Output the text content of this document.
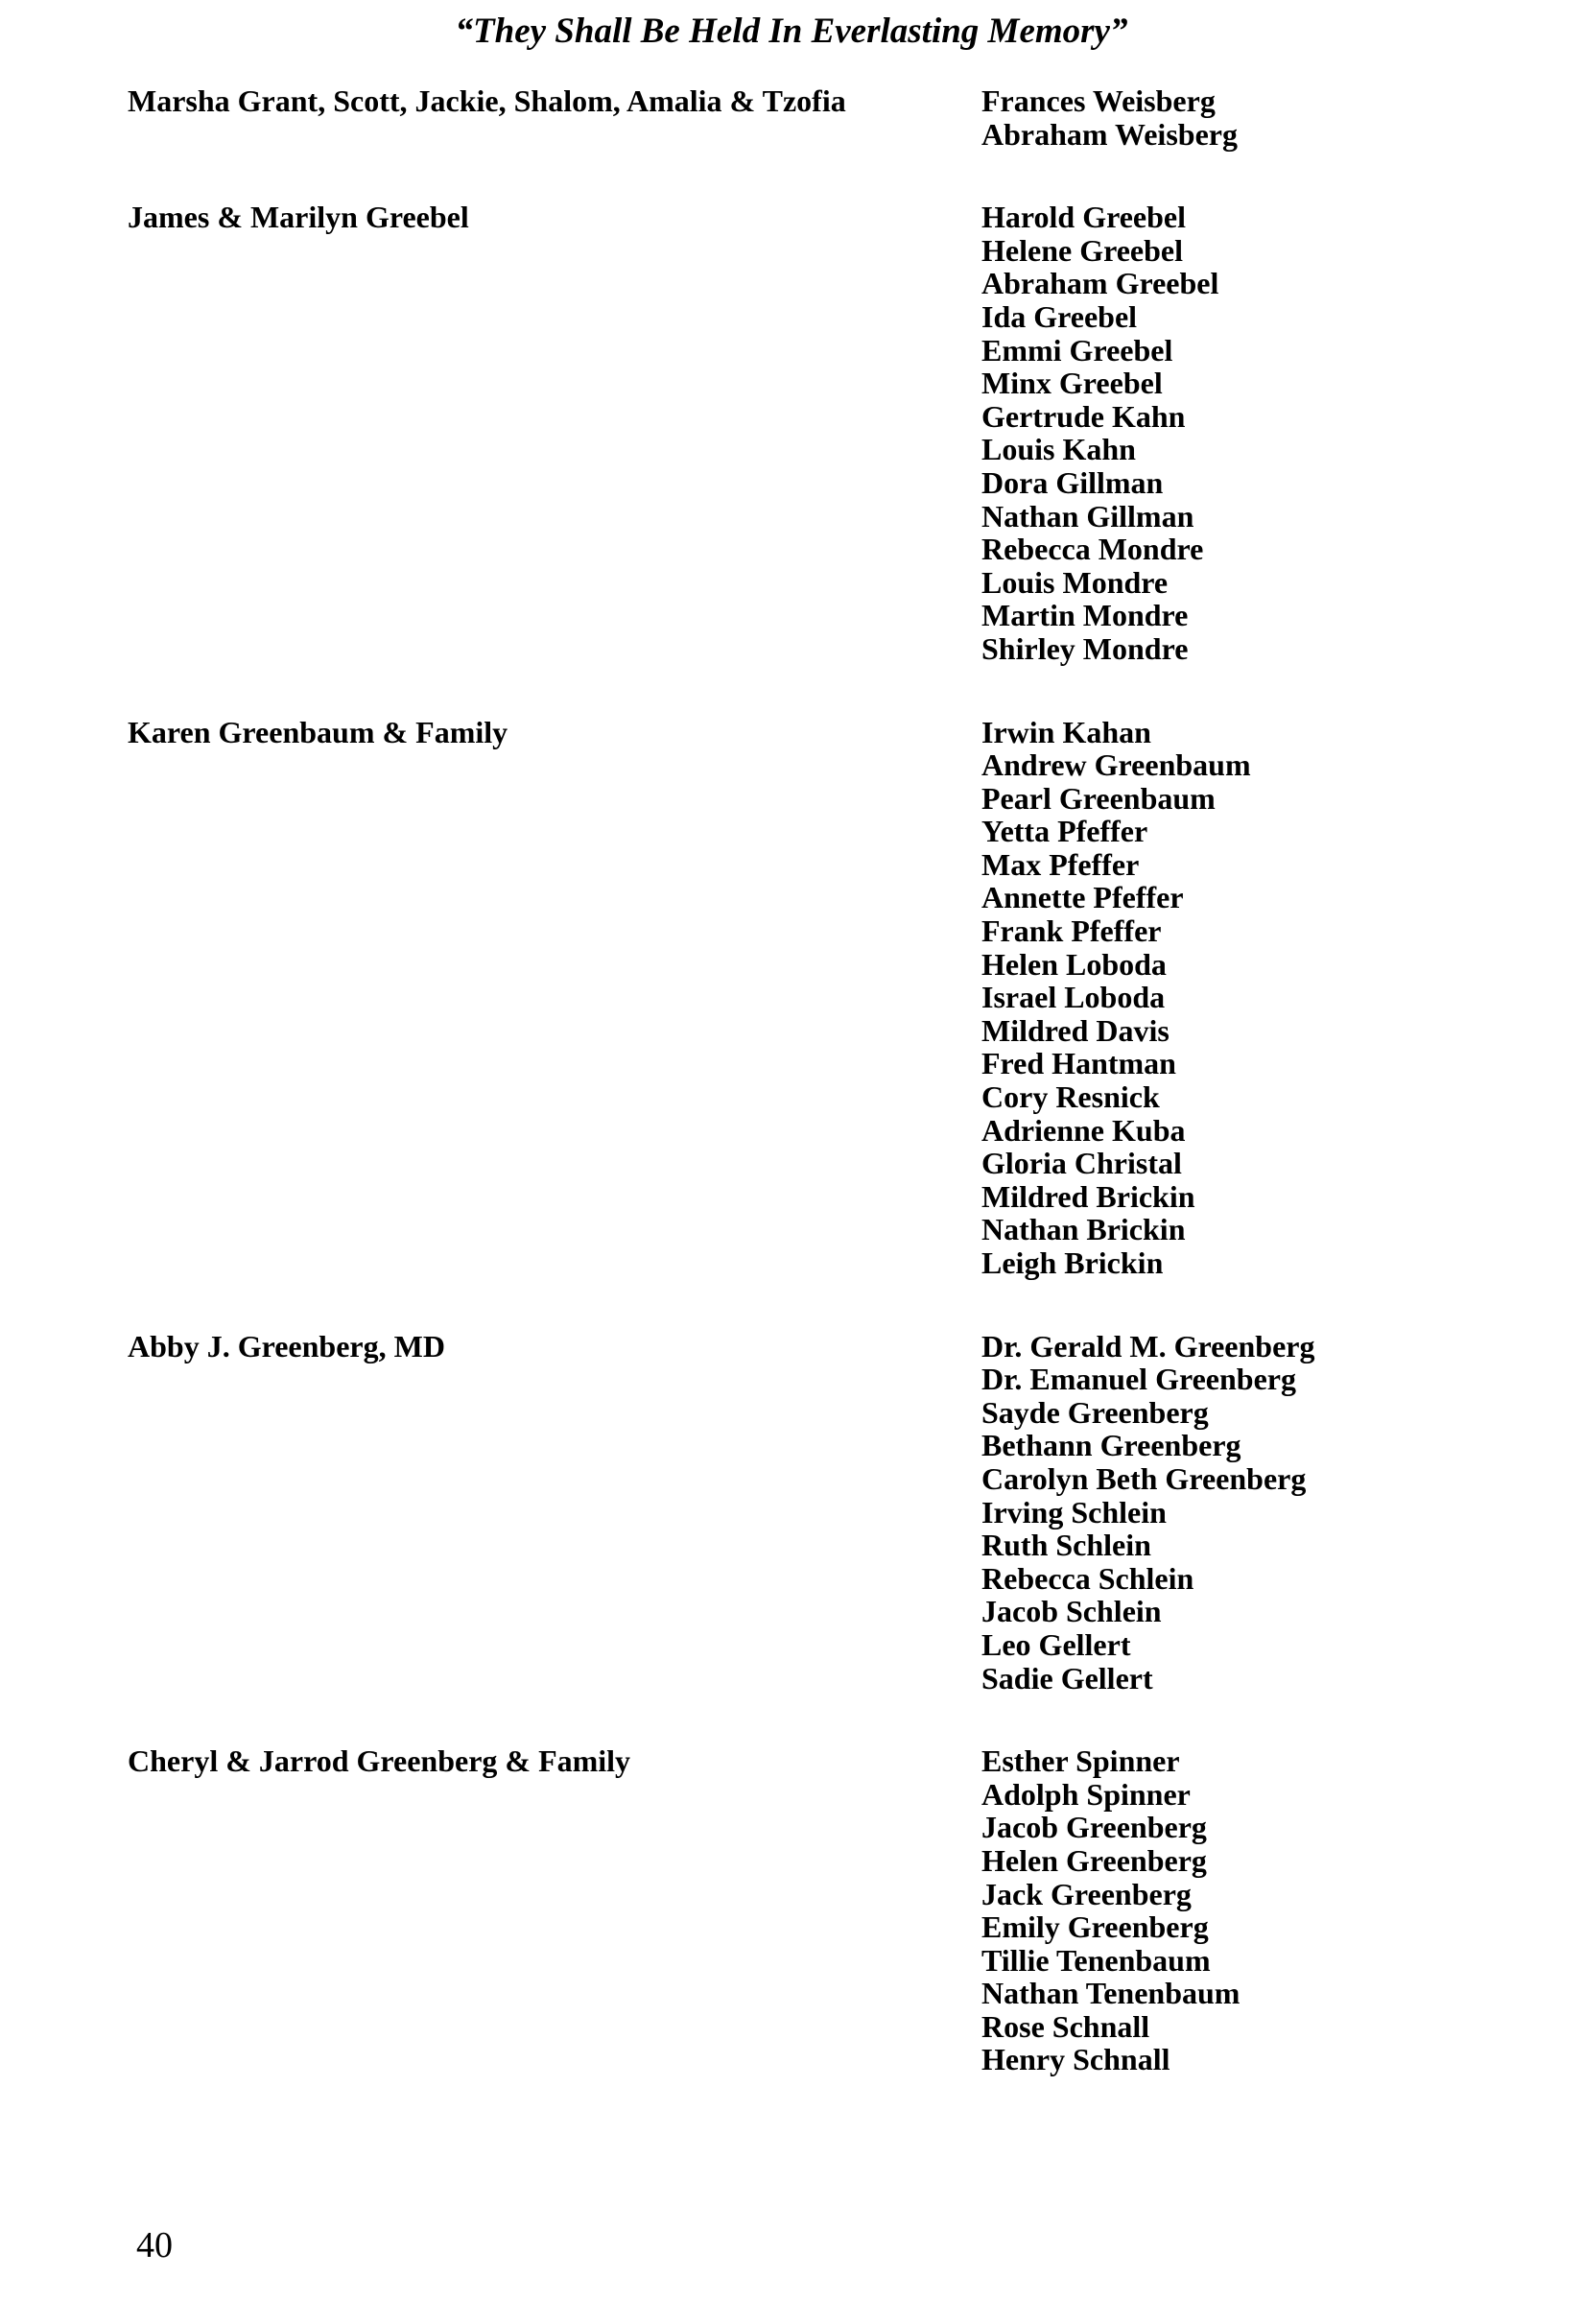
“They Shall Be Held In Everlasting Memory”
Marsha Grant, Scott, Jackie, Shalom, Amalia & Tzofia	Frances Weisberg
Abraham Weisberg
James & Marilyn Greebel	Harold Greebel
Helene Greebel
Abraham Greebel
Ida Greebel
Emmi Greebel
Minx Greebel
Gertrude Kahn
Louis Kahn
Dora Gillman
Nathan Gillman
Rebecca Mondre
Louis Mondre
Martin Mondre
Shirley Mondre
Karen Greenbaum & Family	Irwin Kahan
Andrew Greenbaum
Pearl Greenbaum
Yetta Pfeffer
Max Pfeffer
Annette Pfeffer
Frank Pfeffer
Helen Loboda
Israel Loboda
Mildred Davis
Fred Hantman
Cory Resnick
Adrienne Kuba
Gloria Christal
Mildred Brickin
Nathan Brickin
Leigh Brickin
Abby J. Greenberg, MD	Dr. Gerald M. Greenberg
Dr. Emanuel Greenberg
Sayde Greenberg
Bethann Greenberg
Carolyn Beth Greenberg
Irving Schlein
Ruth Schlein
Rebecca Schlein
Jacob Schlein
Leo Gellert
Sadie Gellert
Cheryl & Jarrod Greenberg & Family	Esther Spinner
Adolph Spinner
Jacob Greenberg
Helen Greenberg
Jack Greenberg
Emily Greenberg
Tillie Tenenbaum
Nathan Tenenbaum
Rose Schnall
Henry Schnall
40
